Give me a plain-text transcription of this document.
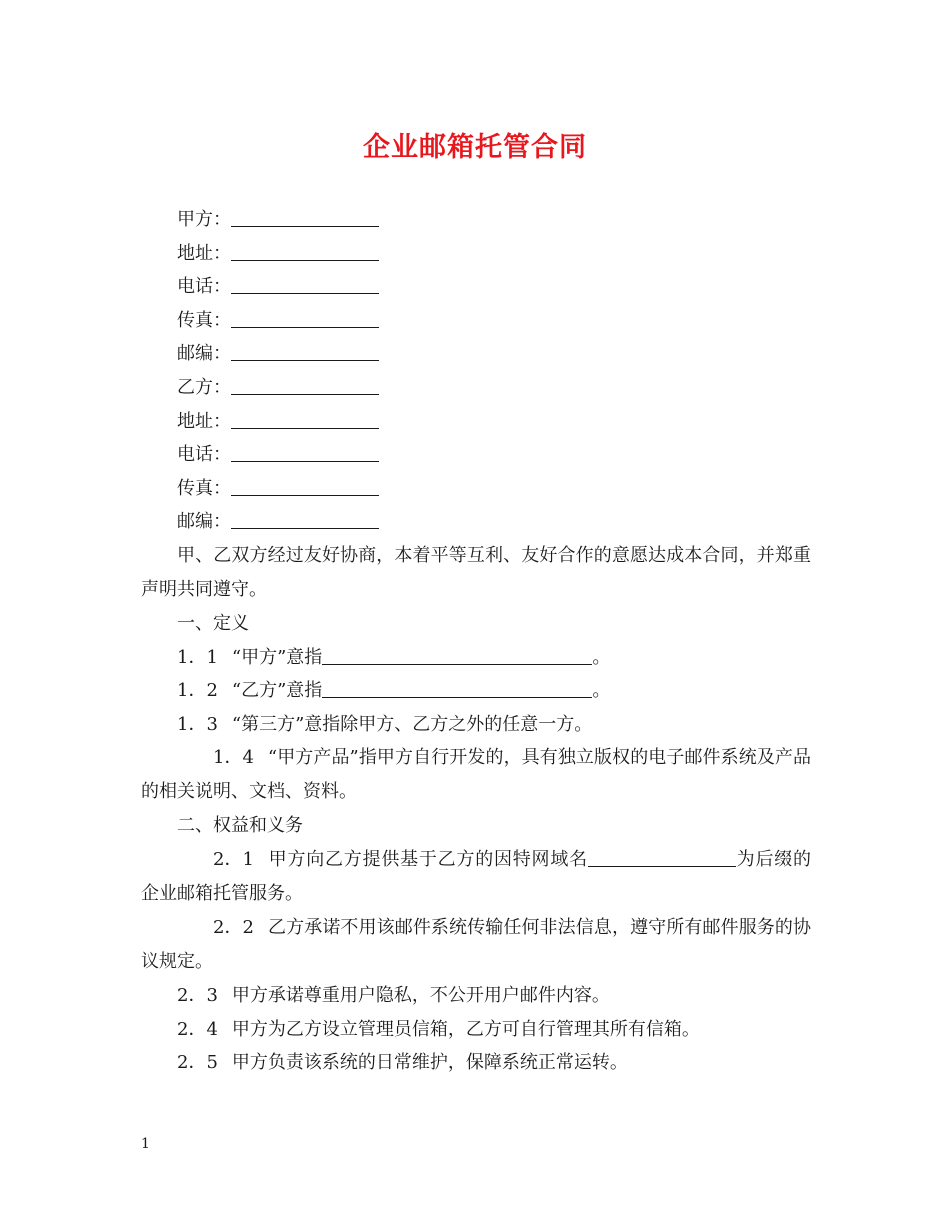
企业邮箱托管合同
甲方：
地址：
电话：
传真：
邮编：
乙方：
地址：
电话：
传真：
邮编：
甲、乙双方经过友好协商，本着平等互利、友好合作的意愿达成本合同，并郑重声明共同遵守。
一、定义
1．1 “甲方”意指	。
1．2 “乙方”意指	。
1．3 “第三方”意指除甲方、乙方之外的任意一方。
1．4 “甲方产品”指甲方自行开发的，具有独立版权的电子邮件系统及产品的相关说明、文档、资料。
二、权益和义务
2．1 甲方向乙方提供基于乙方的因特网域名	为后缀的企业邮箱托管服务。
2．2 乙方承诺不用该邮件系统传输任何非法信息，遵守所有邮件服务的协议规定。
2．3 甲方承诺尊重用户隐私，不公开用户邮件内容。
2．4 甲方为乙方设立管理员信箱，乙方可自行管理其所有信箱。
2．5 甲方负责该系统的日常维护，保障系统正常运转。
1
